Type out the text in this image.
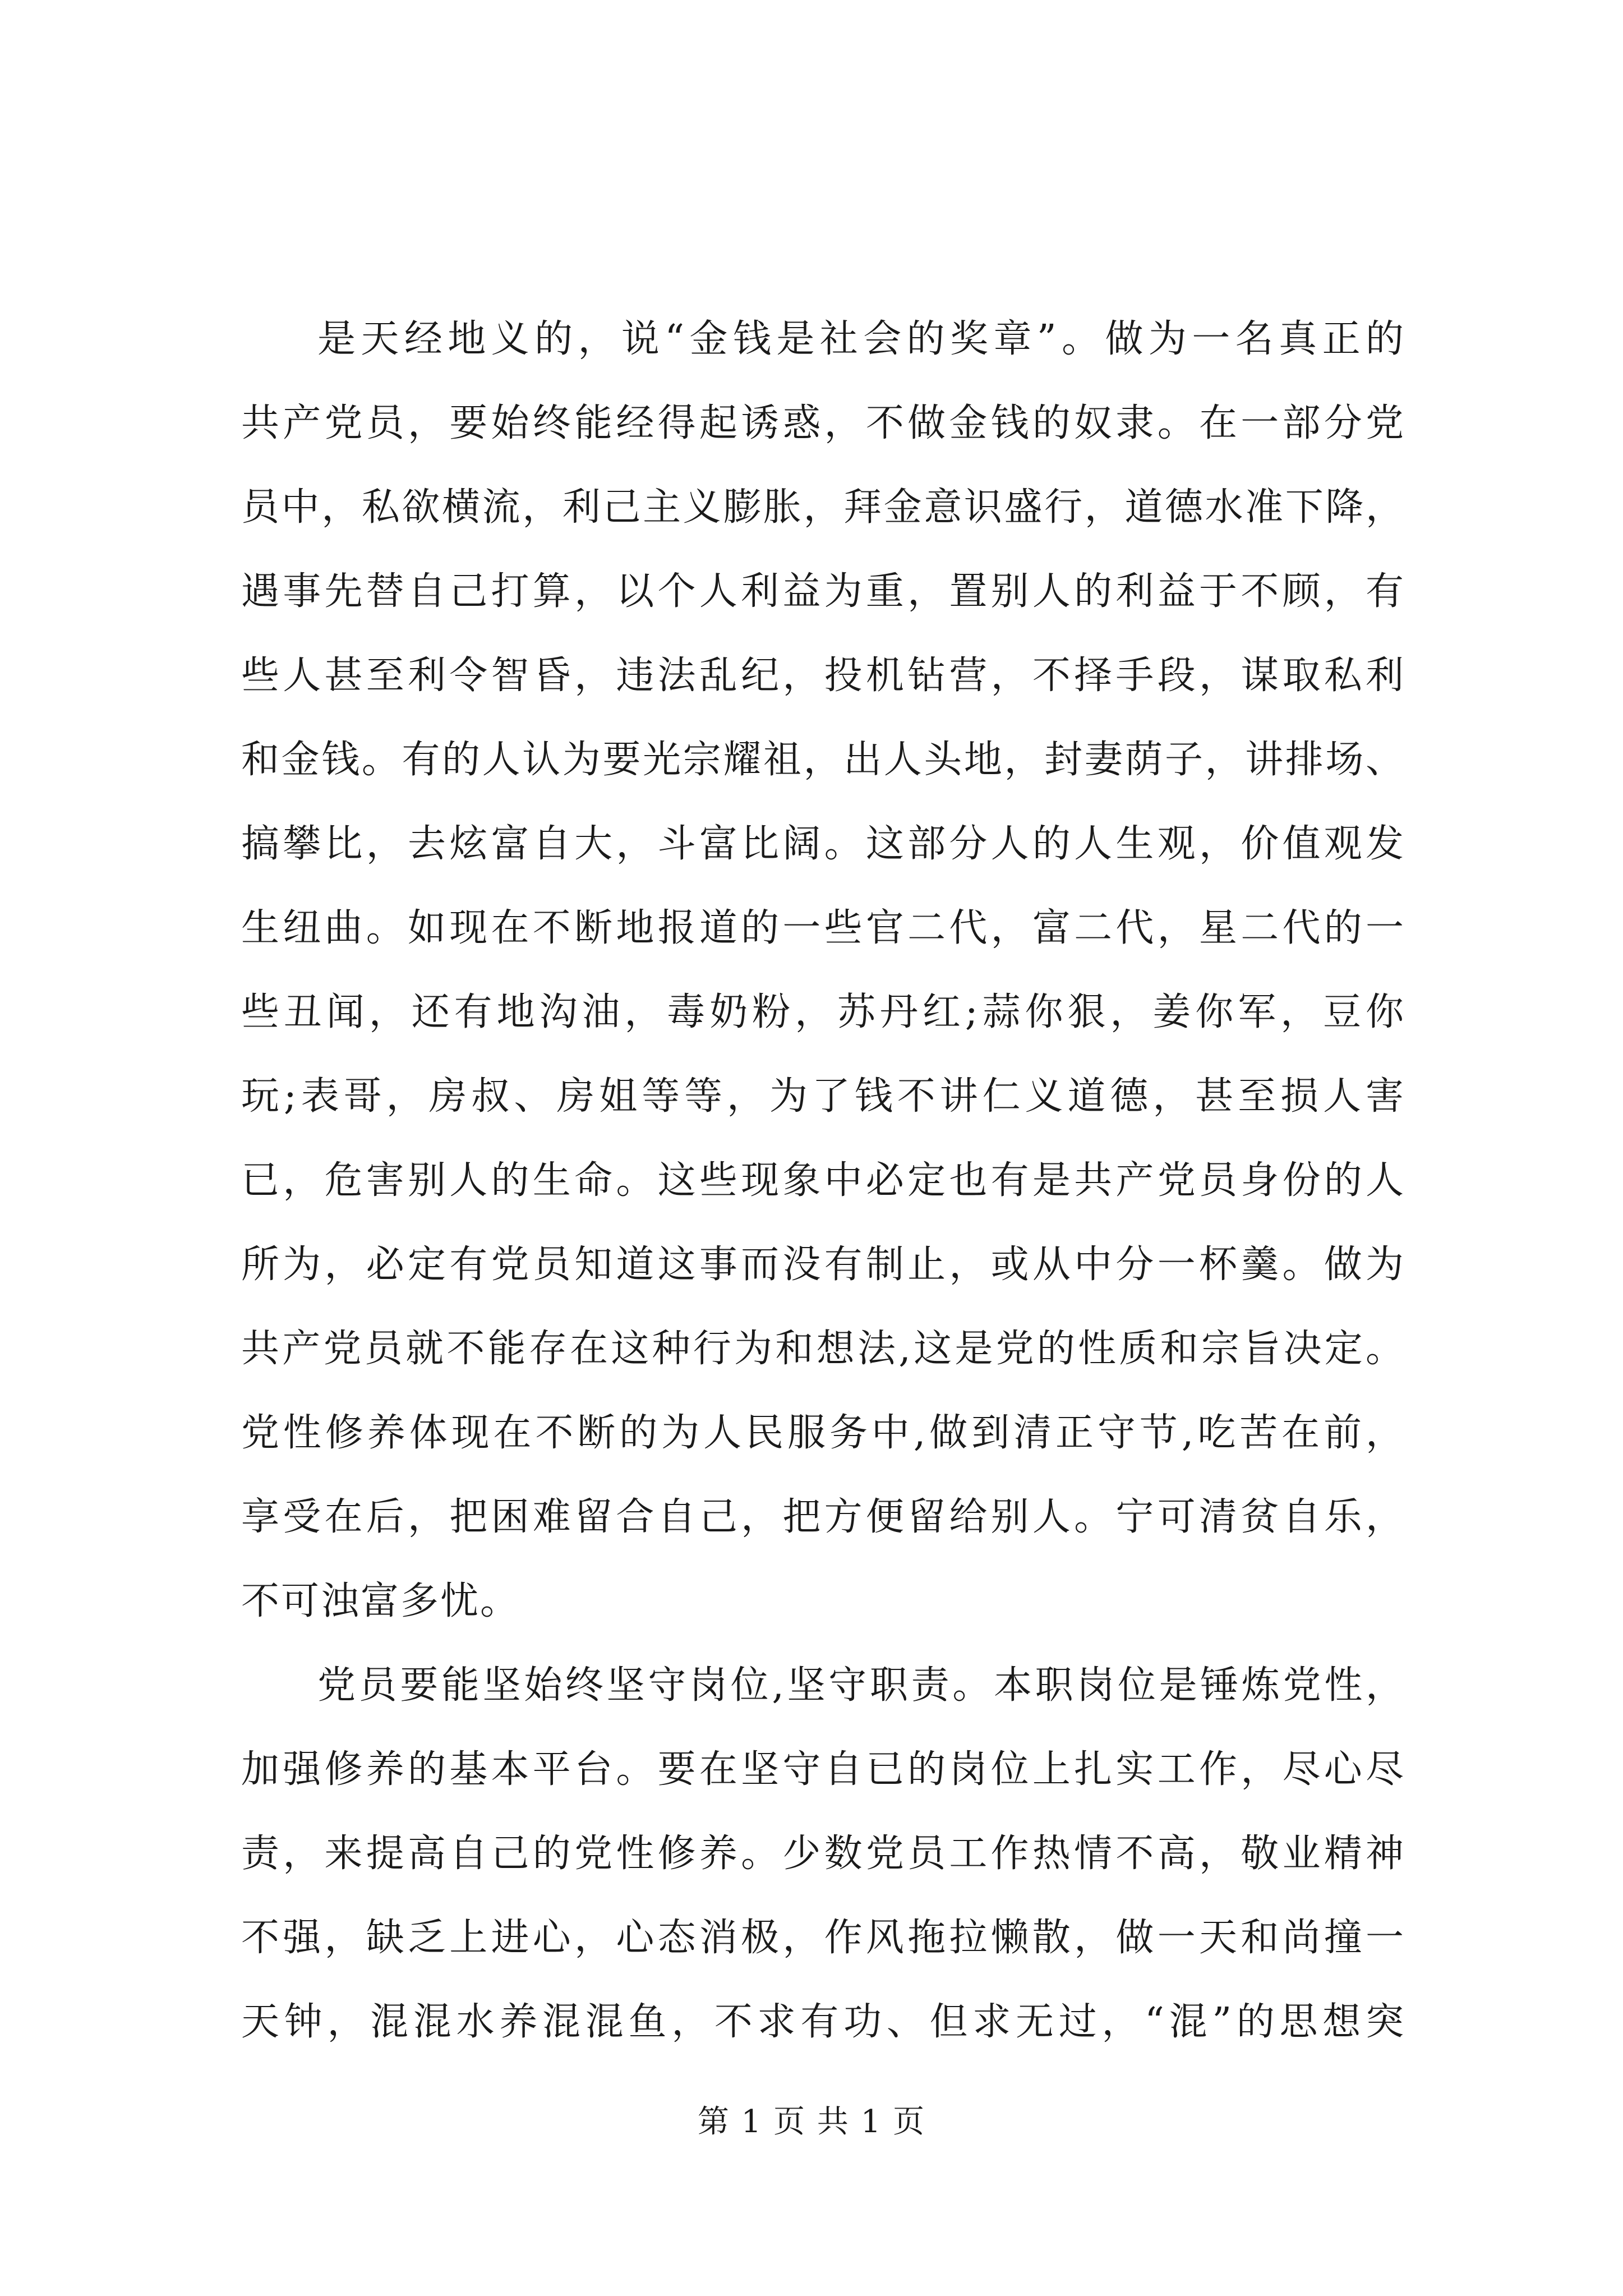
是天经地义的，说“金钱是社会的奖章”。做为一名真正的
共产党员，要始终能经得起诱惑，不做金钱的奴隶。在一部分党
员中，私欲横流，利己主义膨胀，拜金意识盛行，道德水准下降，
遇事先替自己打算，以个人利益为重，置别人的利益于不顾，有
些人甚至利令智昏，违法乱纪，投机钻营，不择手段，谋取私利
和金钱。有的人认为要光宗耀祖，出人头地，封妻荫子，讲排场、
搞攀比，去炫富自大，斗富比阔。这部分人的人生观，价值观发
生纽曲。如现在不断地报道的一些官二代，富二代，星二代的一
些丑闻，还有地沟油，毒奶粉，苏丹红;蒜你狠，姜你军，豆你
玩;表哥，房叔、房姐等等，为了钱不讲仁义道德，甚至损人害
已，危害别人的生命。这些现象中必定也有是共产党员身份的人
所为，必定有党员知道这事而没有制止，或从中分一杯羹。做为
共产党员就不能存在这种行为和想法,这是党的性质和宗旨决定。
党性修养体现在不断的为人民服务中,做到清正守节,吃苦在前，
享受在后，把困难留合自己，把方便留给别人。宁可清贫自乐，
不可浊富多忧。
党员要能坚始终坚守岗位,坚守职责。本职岗位是锤炼党性，
加强修养的基本平台。要在坚守自已的岗位上扎实工作，尽心尽
责，来提高自己的党性修养。少数党员工作热情不高，敬业精神
不强，缺乏上进心，心态消极，作风拖拉懒散，做一天和尚撞一
天钟，混混水养混混鱼，不求有功、但求无过，“混”的思想突
第 1 页 共 1 页
